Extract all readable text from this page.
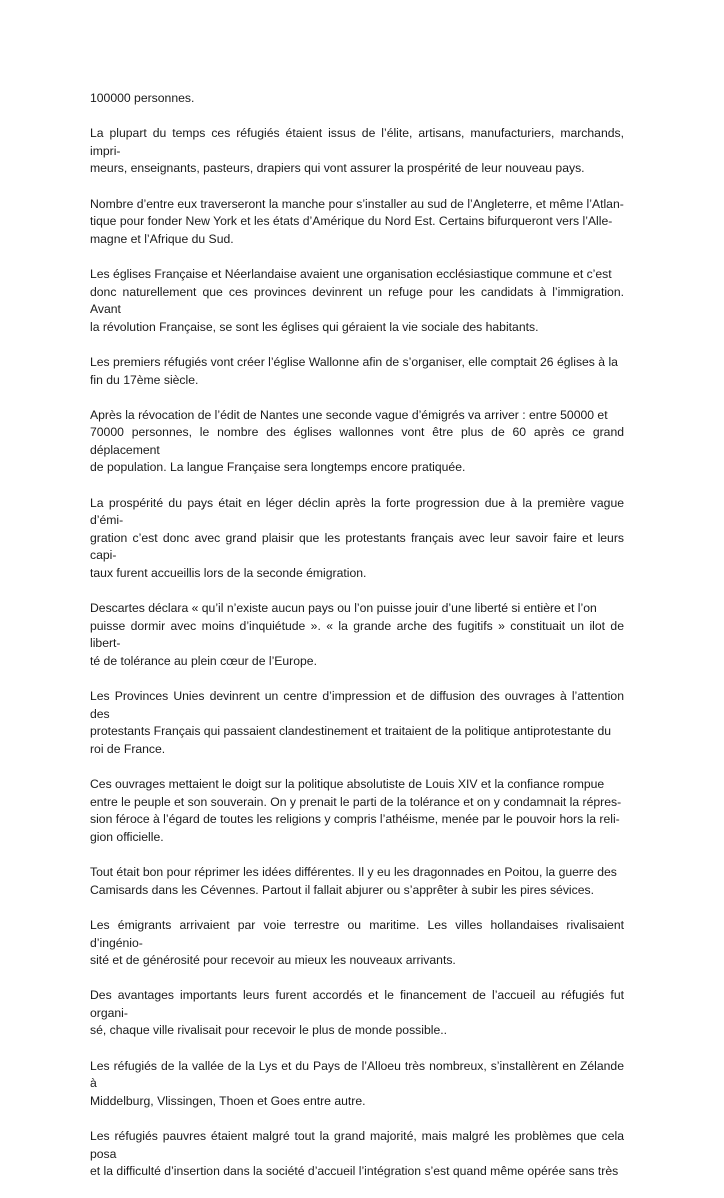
100000 personnes.

La plupart du temps ces réfugiés étaient issus de l’élite, artisans, manufacturiers, marchands, impri-
meurs, enseignants, pasteurs, drapiers qui vont assurer la prospérité de leur nouveau pays.

Nombre d’entre eux traverseront la manche pour s’installer au sud de l’Angleterre, et même l’Atlan-
tique pour fonder New York et les états d’Amérique du Nord Est. Certains bifurqueront vers l’Alle-
magne et l’Afrique du Sud.

Les églises Française et Néerlandaise avaient une organisation ecclésiastique commune et c’est
donc naturellement que ces provinces devinrent un refuge pour les candidats à l’immigration. Avant
la révolution Française, se sont les églises qui géraient la vie sociale des habitants.

Les premiers réfugiés vont créer l’église Wallonne afin de s’organiser, elle comptait 26 églises à la
fin du 17ème siècle.

Après la révocation de l’édit de Nantes une seconde vague d’émigrés va arriver : entre 50000 et
70000 personnes, le nombre des églises wallonnes vont être plus de 60 après ce grand déplacement
de population. La langue Française sera longtemps encore pratiquée.

La prospérité du pays était en léger déclin après la forte progression due à la première vague d’émi-
gration c’est donc avec grand plaisir que les protestants français avec leur savoir faire et leurs capi-
taux furent accueillis lors de la seconde émigration.

Descartes déclara « qu’il n’existe aucun pays ou l’on puisse jouir d’une liberté si entière et l’on
puisse dormir avec moins d’inquiétude ». « la grande arche des fugitifs » constituait un ilot de libert-
té de tolérance au plein cœur de l’Europe.

Les Provinces Unies devinrent un centre d’impression et de diffusion des ouvrages à l’attention des
protestants Français qui passaient clandestinement et traitaient de la politique antiprotestante du
roi de France.

Ces ouvrages mettaient le doigt sur la politique absolutiste de Louis XIV et la confiance rompue
entre le peuple et son souverain. On y prenait le parti de la tolérance et on y condamnait la répres-
sion féroce à l’égard de toutes les religions y compris l’athéisme, menée par le pouvoir hors la reli-
gion officielle.

Tout était bon pour réprimer les idées différentes. Il y eu les dragonnades en Poitou, la guerre des
Camisards dans les Cévennes. Partout il fallait abjurer ou s’apprêter à subir les pires sévices.

Les émigrants arrivaient par voie terrestre ou maritime. Les villes hollandaises rivalisaient d’ingénio-
sité et de générosité pour recevoir au mieux les nouveaux arrivants.

Des avantages importants leurs furent accordés et le financement de l’accueil au réfugiés fut organi-
sé, chaque ville rivalisait pour recevoir le plus de monde possible..

Les réfugiés de la vallée de la Lys et du Pays de l’Alloeu très nombreux, s’installèrent en Zélande à
Middelburg, Vlissingen, Thoen et Goes entre autre.

Les réfugiés pauvres étaient malgré tout la grand majorité, mais malgré les problèmes que cela posa
et la difficulté d’insertion dans la société d’accueil l’intégration s’est quand même opérée sans très
